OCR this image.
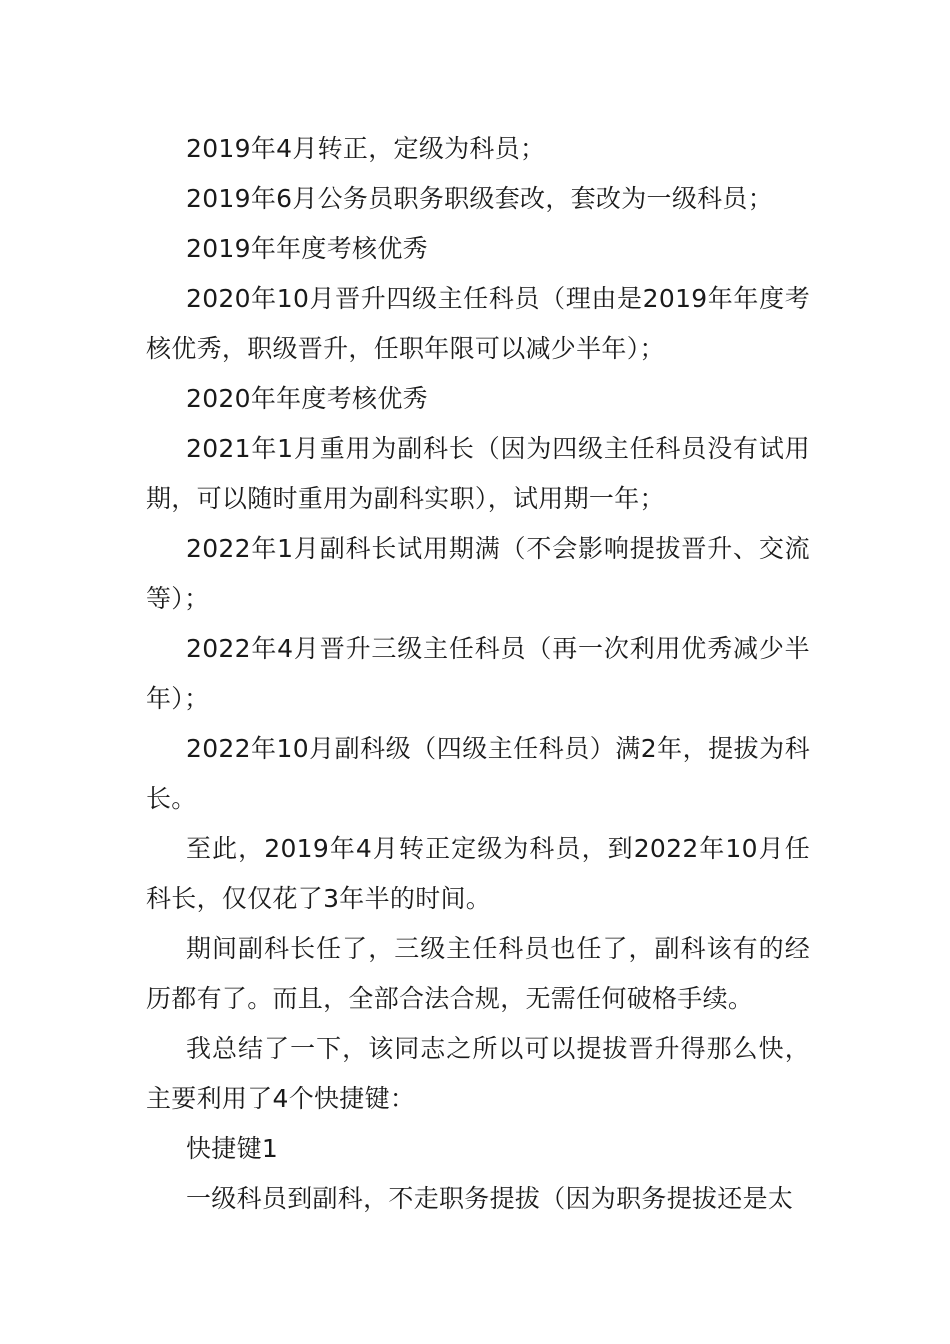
2019年4月转正，定级为科员；

2019年6月公务员职务职级套改，套改为一级科员；

2019年年度考核优秀

2020年10月晋升四级主任科员（理由是2019年年度考核优秀，职级晋升，任职年限可以减少半年）；

2020年年度考核优秀

2021年1月重用为副科长（因为四级主任科员没有试用期，可以随时重用为副科实职），试用期一年；

2022年1月副科长试用期满（不会影响提拔晋升、交流等）；

2022年4月晋升三级主任科员（再一次利用优秀减少半年）；

2022年10月副科级（四级主任科员）满2年，提拔为科长。

至此，2019年4月转正定级为科员，到2022年10月任科长，仅仅花了3年半的时间。

期间副科长任了，三级主任科员也任了，副科该有的经历都有了。而且，全部合法合规，无需任何破格手续。

我总结了一下，该同志之所以可以提拔晋升得那么快，主要利用了4个快捷键：

快捷键1

一级科员到副科，不走职务提拔（因为职务提拔还是太
